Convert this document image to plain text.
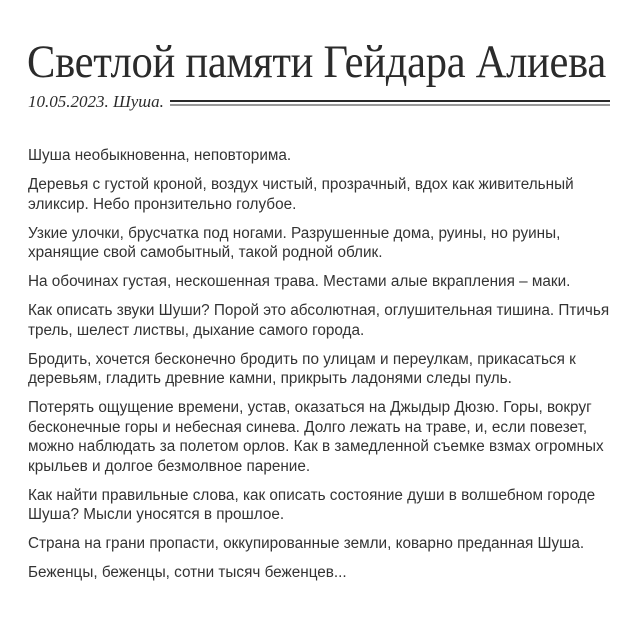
Светлой памяти Гейдара Алиева
10.05.2023. Шуша.

Шуша необыкновенна, неповторима.

Деревья с густой кроной, воздух чистый, прозрачный, вдох как живительный эликсир. Небо пронзительно голубое.

Узкие улочки, брусчатка под ногами. Разрушенные дома, руины, но руины, хранящие свой самобытный, такой родной облик.

На обочинах густая, нескошенная трава. Местами алые вкрапления – маки.

Как описать звуки Шуши? Порой это абсолютная, оглушительная тишина. Птичья трель, шелест листвы, дыхание самого города.

Бродить, хочется бесконечно бродить по улицам и переулкам, прикасаться к деревьям, гладить древние камни, прикрыть ладонями следы пуль.

Потерять ощущение времени, устав, оказаться на Джыдыр Дюзю. Горы, вокруг бесконечные горы и небесная синева. Долго лежать на траве, и, если повезет, можно наблюдать за полетом орлов. Как в замедленной съемке взмах огромных крыльев и долгое безмолвное парение.

Как найти правильные слова, как описать состояние души в волшебном городе Шуша? Мысли уносятся в прошлое.

Страна на грани пропасти, оккупированные земли, коварно преданная Шуша.

Беженцы, беженцы, сотни тысяч беженцев...
